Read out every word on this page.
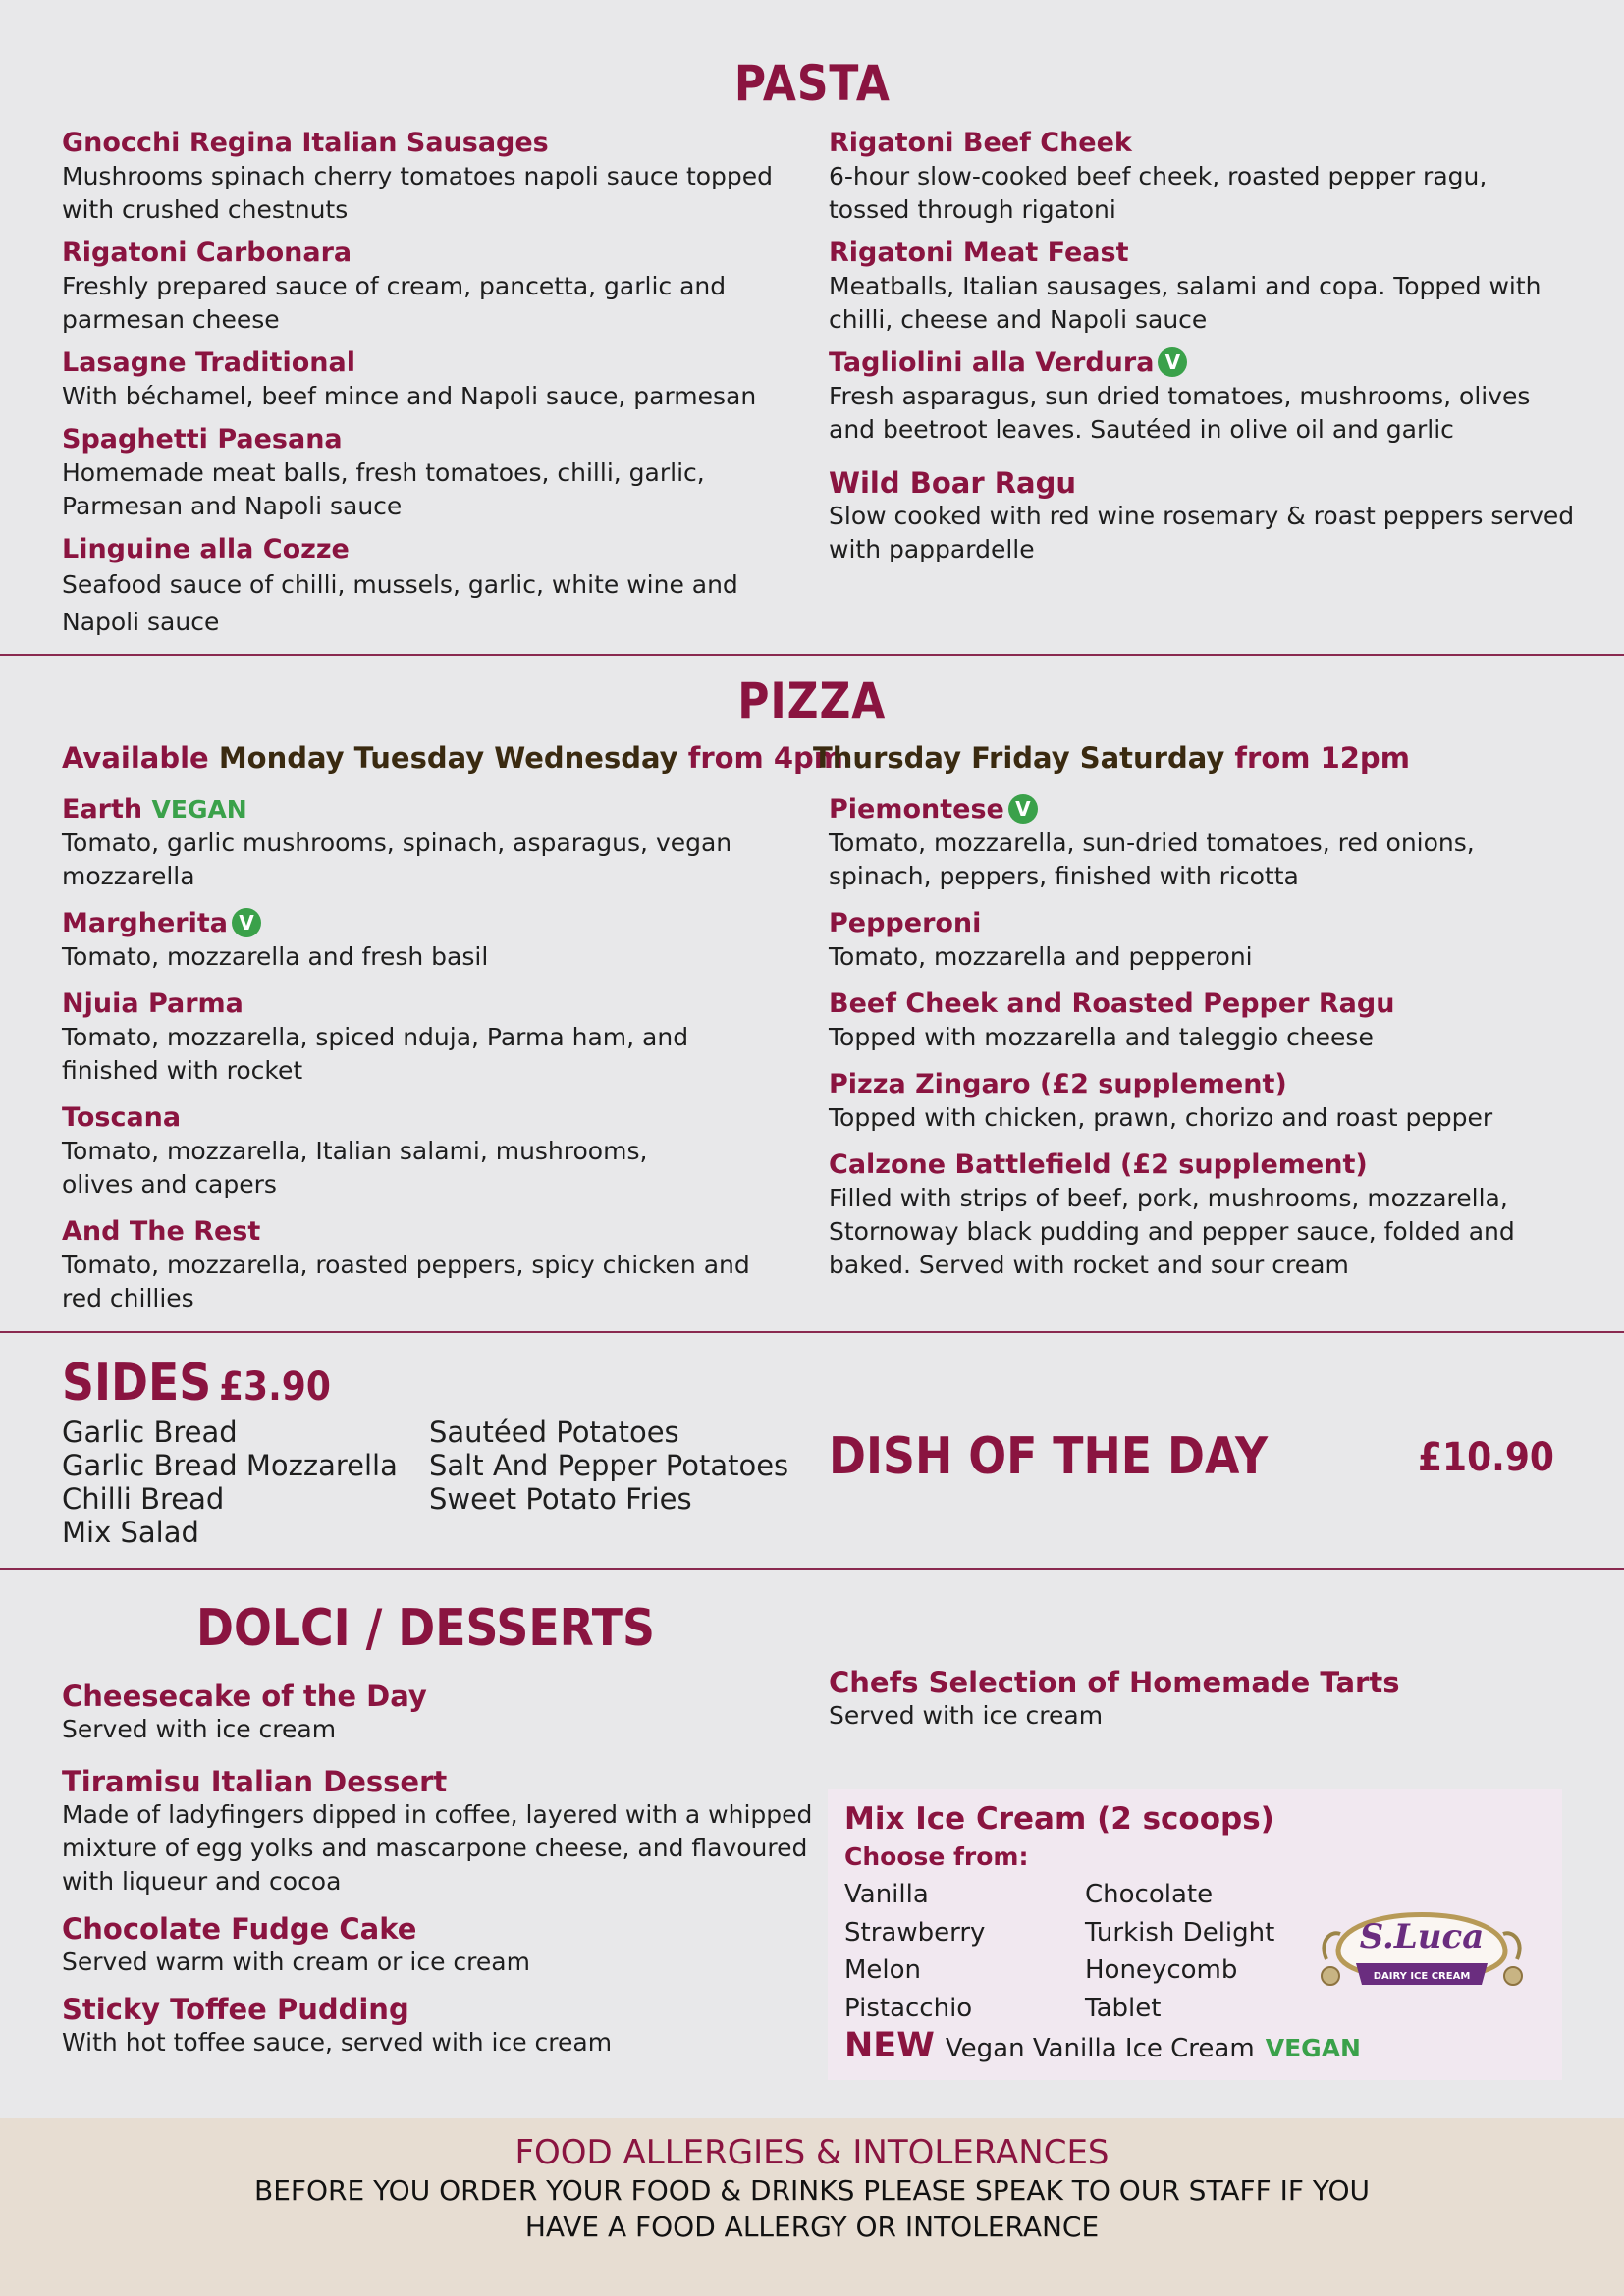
PASTA
Gnocchi Regina Italian Sausages
Mushrooms spinach cherry tomatoes napoli sauce topped with crushed chestnuts
Rigatoni Carbonara
Freshly prepared sauce of cream, pancetta, garlic and parmesan cheese
Lasagne Traditional
With béchamel, beef mince and Napoli sauce, parmesan
Spaghetti Paesana
Homemade meat balls, fresh tomatoes, chilli, garlic, Parmesan and Napoli sauce
Linguine alla Cozze
Seafood sauce of chilli, mussels, garlic, white wine and Napoli sauce
Rigatoni Beef Cheek
6-hour slow-cooked beef cheek, roasted pepper ragu, tossed through rigatoni
Rigatoni Meat Feast
Meatballs, Italian sausages, salami and copa. Topped with chilli, cheese and Napoli sauce
Tagliolini alla Verdura V
Fresh asparagus, sun dried tomatoes, mushrooms, olives and beetroot leaves. Sautéed in olive oil and garlic
Wild Boar Ragu
Slow cooked with red wine rosemary & roast peppers served with pappardelle
PIZZA
Available Monday Tuesday Wednesday from 4pm
Thursday Friday Saturday from 12pm
Earth VEGAN
Tomato, garlic mushrooms, spinach, asparagus, vegan mozzarella
Margherita V
Tomato, mozzarella and fresh basil
Njuia Parma
Tomato, mozzarella, spiced nduja, Parma ham, and finished with rocket
Toscana
Tomato, mozzarella, Italian salami, mushrooms, olives and capers
And The Rest
Tomato, mozzarella, roasted peppers, spicy chicken and red chillies
Piemontese V
Tomato, mozzarella, sun-dried tomatoes, red onions, spinach, peppers, finished with ricotta
Pepperoni
Tomato, mozzarella and pepperoni
Beef Cheek and Roasted Pepper Ragu
Topped with mozzarella and taleggio cheese
Pizza Zingaro (£2 supplement)
Topped with chicken, prawn, chorizo and roast pepper
Calzone Battlefield (£2 supplement)
Filled with strips of beef, pork, mushrooms, mozzarella, Stornoway black pudding and pepper sauce, folded and baked. Served with rocket and sour cream
SIDES £3.90
Garlic Bread
Garlic Bread Mozzarella
Chilli Bread
Mix Salad
Sautéed Potatoes
Salt And Pepper Potatoes
Sweet Potato Fries
DISH OF THE DAY	£10.90
DOLCI / DESSERTS
Cheesecake of the Day
Served with ice cream
Tiramisu Italian Dessert
Made of ladyfingers dipped in coffee, layered with a whipped mixture of egg yolks and mascarpone cheese, and flavoured with liqueur and cocoa
Chocolate Fudge Cake
Served warm with cream or ice cream
Sticky Toffee Pudding
With hot toffee sauce, served with ice cream
Chefs Selection of Homemade Tarts
Served with ice cream
Mix Ice Cream (2 scoops)
Choose from:
Vanilla
Strawberry
Melon
Pistacchio
Chocolate
Turkish Delight
Honeycomb
Tablet
S.Luca
DAIRY ICE CREAM
NEW Vegan Vanilla Ice Cream VEGAN
FOOD ALLERGIES & INTOLERANCES
BEFORE YOU ORDER YOUR FOOD & DRINKS PLEASE SPEAK TO OUR STAFF IF YOU
HAVE A FOOD ALLERGY OR INTOLERANCE
